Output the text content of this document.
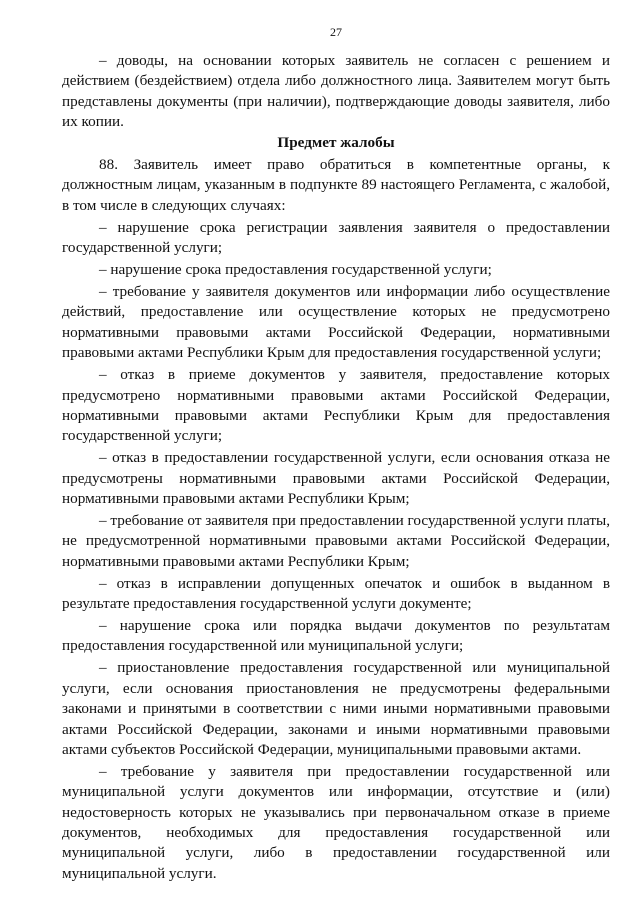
27

– доводы, на основании которых заявитель не согласен с решением и действием (бездействием) отдела либо должностного лица. Заявителем могут быть представлены документы (при наличии), подтверждающие доводы заявителя, либо их копии.

Предмет жалобы

88. Заявитель имеет право обратиться в компетентные органы, к должностным лицам, указанным в подпункте 89 настоящего Регламента, с жалобой, в том числе в следующих случаях:

– нарушение срока регистрации заявления заявителя о предоставлении государственной услуги;

– нарушение срока предоставления государственной услуги;

– требование у заявителя документов или информации либо осуществление действий, предоставление или осуществление которых не предусмотрено нормативными правовыми актами Российской Федерации, нормативными правовыми актами Республики Крым для предоставления государственной услуги;

– отказ в приеме документов у заявителя, предоставление которых предусмотрено нормативными правовыми актами Российской Федерации, нормативными правовыми актами Республики Крым для предоставления государственной услуги;

– отказ в предоставлении государственной услуги, если основания отказа не предусмотрены нормативными правовыми актами Российской Федерации, нормативными правовыми актами Республики Крым;

– требование от заявителя при предоставлении государственной услуги платы, не предусмотренной нормативными правовыми актами Российской Федерации, нормативными правовыми актами Республики Крым;

– отказ в исправлении допущенных опечаток и ошибок в выданном в результате предоставления государственной услуги документе;

– нарушение срока или порядка выдачи документов по результатам предоставления государственной или муниципальной услуги;

– приостановление предоставления государственной или муниципальной услуги, если основания приостановления не предусмотрены федеральными законами и принятыми в соответствии с ними иными нормативными правовыми актами Российской Федерации, законами и иными нормативными правовыми актами субъектов Российской Федерации, муниципальными правовыми актами.

– требование у заявителя при предоставлении государственной или муниципальной услуги документов или информации, отсутствие и (или) недостоверность которых не указывались при первоначальном отказе в приеме документов, необходимых для предоставления государственной или муниципальной услуги, либо в предоставлении государственной или муниципальной услуги.
